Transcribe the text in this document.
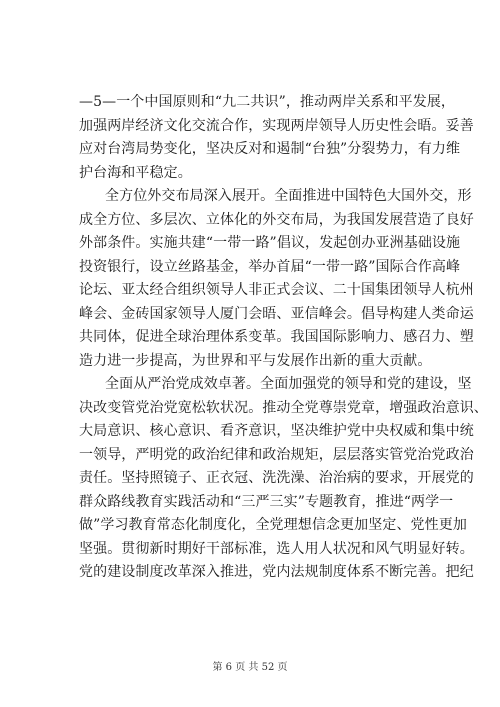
—5—一个中国原则和“九二共识”，推动两岸关系和平发展，
加强两岸经济文化交流合作，实现两岸领导人历史性会晤。妥善
应对台湾局势变化，坚决反对和遏制“台独”分裂势力，有力维
护台海和平稳定。
全方位外交布局深入展开。全面推进中国特色大国外交，形
成全方位、多层次、立体化的外交布局，为我国发展营造了良好
外部条件。实施共建“一带一路”倡议，发起创办亚洲基础设施
投资银行，设立丝路基金，举办首届“一带一路”国际合作高峰
论坛、亚太经合组织领导人非正式会议、二十国集团领导人杭州
峰会、金砖国家领导人厦门会晤、亚信峰会。倡导构建人类命运
共同体，促进全球治理体系变革。我国国际影响力、感召力、塑
造力进一步提高，为世界和平与发展作出新的重大贡献。
全面从严治党成效卓著。全面加强党的领导和党的建设，坚
决改变管党治党宽松软状况。推动全党尊崇党章，增强政治意识、
大局意识、核心意识、看齐意识，坚决维护党中央权威和集中统
一领导，严明党的政治纪律和政治规矩，层层落实管党治党政治
责任。坚持照镜子、正衣冠、洗洗澡、治治病的要求，开展党的
群众路线教育实践活动和“三严三实”专题教育，推进“两学一
做”学习教育常态化制度化，全党理想信念更加坚定、党性更加
坚强。贯彻新时期好干部标准，选人用人状况和风气明显好转。
党的建设制度改革深入推进，党内法规制度体系不断完善。把纪
第 6 页 共 52 页
